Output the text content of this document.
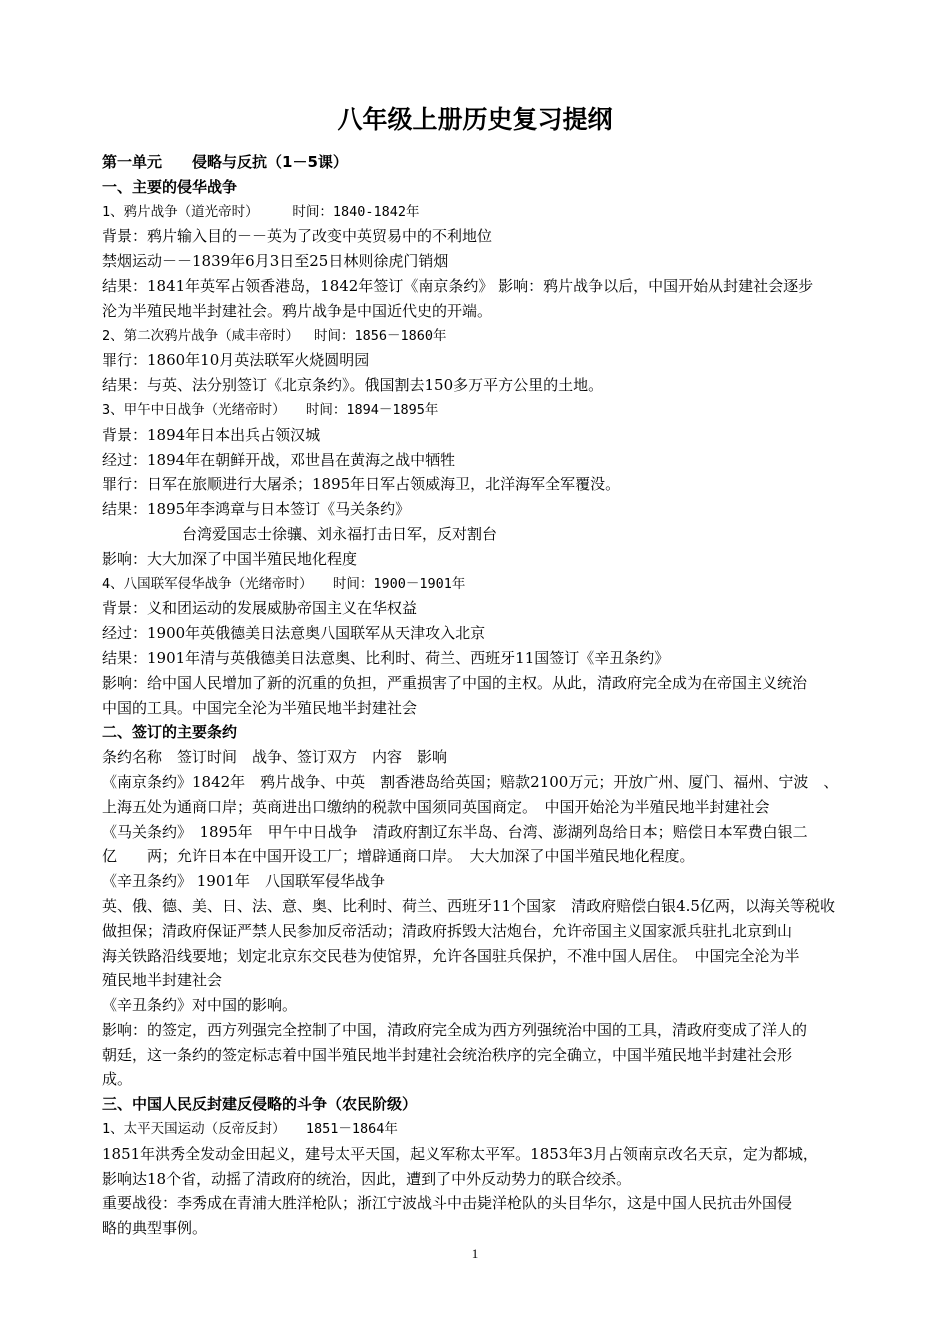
八年级上册历史复习提纲
第一单元　　侵略与反抗（1－5课）
一、主要的侵华战争
1、鸦片战争（道光帝时）　　　时间：1840-1842年
背景：鸦片输入目的－－英为了改变中英贸易中的不利地位
禁烟运动－－1839年6月3日至25日林则徐虎门销烟
结果：1841年英军占领香港岛，1842年签订《南京条约》 影响：鸦片战争以后，中国开始从封建社会逐步
沦为半殖民地半封建社会。鸦片战争是中国近代史的开端。
2、第二次鸦片战争（咸丰帝时）　 时间：1856－1860年
罪行：1860年10月英法联军火烧圆明园
结果：与英、法分别签订《北京条约》。俄国割去150多万平方公里的土地。
3、甲午中日战争（光绪帝时）　　时间：1894－1895年
背景：1894年日本出兵占领汉城
经过：1894年在朝鲜开战，邓世昌在黄海之战中牺牲
罪行：日军在旅顺进行大屠杀；1895年日军占领威海卫，北洋海军全军覆没。
结果：1895年李鸿章与日本签订《马关条约》
台湾爱国志士徐骧、刘永福打击日军，反对割台
影响：大大加深了中国半殖民地化程度
4、八国联军侵华战争（光绪帝时）　　时间：1900－1901年
背景：义和团运动的发展威胁帝国主义在华权益
经过：1900年英俄德美日法意奥八国联军从天津攻入北京
结果：1901年清与英俄德美日法意奥、比利时、荷兰、西班牙11国签订《辛丑条约》
影响：给中国人民增加了新的沉重的负担，严重损害了中国的主权。从此，清政府完全成为在帝国主义统治
中国的工具。中国完全沦为半殖民地半封建社会
二、签订的主要条约
条约名称　签订时间　战争、签订双方　内容　影响
《南京条约》1842年　鸦片战争、中英　割香港岛给英国；赔款2100万元；开放广州、厦门、福州、宁波　、
上海五处为通商口岸；英商进出口缴纳的税款中国须同英国商定。　中国开始沦为半殖民地半封建社会
《马关条约》　1895年　甲午中日战争　清政府割辽东半岛、台湾、澎湖列岛给日本；赔偿日本军费白银二
亿　　两；允许日本在中国开设工厂；增辟通商口岸。　大大加深了中国半殖民地化程度。
《辛丑条约》 1901年　八国联军侵华战争
英、俄、德、美、日、法、意、奥、比利时、荷兰、西班牙11个国家　清政府赔偿白银4.5亿两，以海关等税收
做担保；清政府保证严禁人民参加反帝活动；清政府拆毁大沽炮台，允许帝国主义国家派兵驻扎北京到山
海关铁路沿线要地；划定北京东交民巷为使馆界，允许各国驻兵保护，不准中国人居住。　中国完全沦为半
殖民地半封建社会
《辛丑条约》对中国的影响。
影响：的签定，西方列强完全控制了中国，清政府完全成为西方列强统治中国的工具，清政府变成了洋人的
朝廷，这一条约的签定标志着中国半殖民地半封建社会统治秩序的完全确立，中国半殖民地半封建社会形
成。
三、中国人民反封建反侵略的斗争（农民阶级）
1、太平天国运动（反帝反封）　　1851－1864年
1851年洪秀全发动金田起义，建号太平天国，起义军称太平军。1853年3月占领南京改名天京，定为都城，
影响达18个省，动摇了清政府的统治，因此，遭到了中外反动势力的联合绞杀。
重要战役：李秀成在青浦大胜洋枪队；浙江宁波战斗中击毙洋枪队的头目华尔，这是中国人民抗击外国侵
略的典型事例。
1
